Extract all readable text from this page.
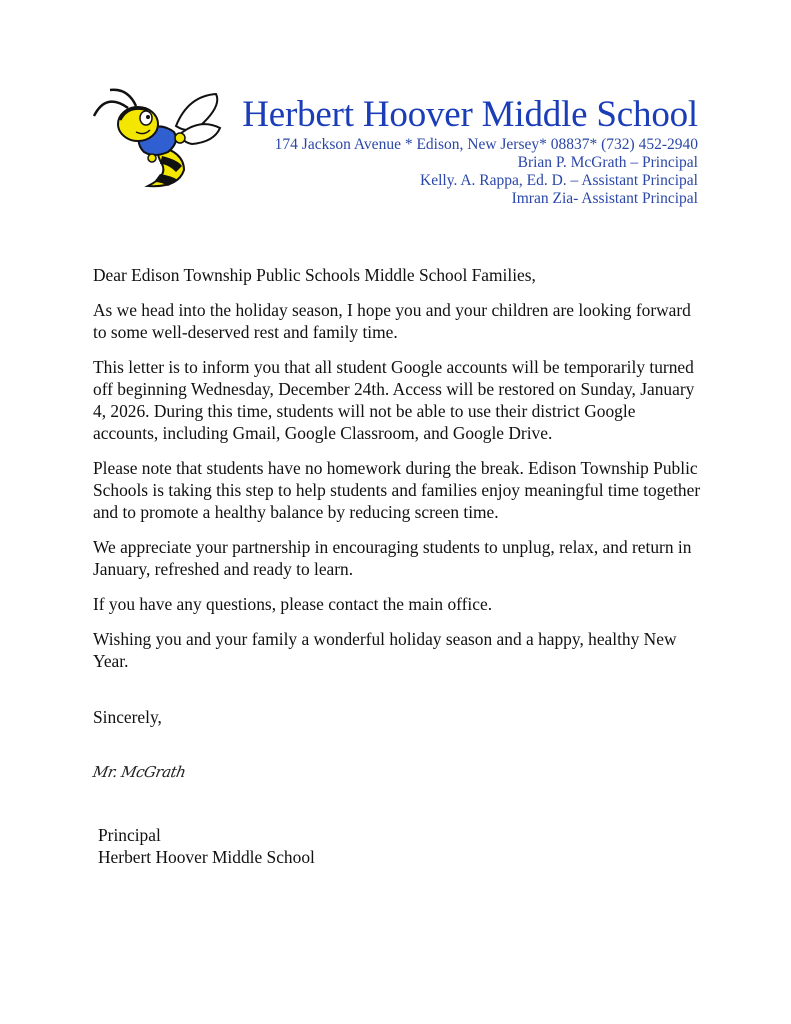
Herbert Hoover Middle School
174 Jackson Avenue * Edison, New Jersey* 08837* (732) 452-2940
Brian P. McGrath – Principal
Kelly. A. Rappa, Ed. D. – Assistant Principal
Imran Zia- Assistant Principal

Dear Edison Township Public Schools Middle School Families,

As we head into the holiday season, I hope you and your children are looking forward to some well-deserved rest and family time.

This letter is to inform you that all student Google accounts will be temporarily turned off beginning Wednesday, December 24th. Access will be restored on Sunday, January 4, 2026. During this time, students will not be able to use their district Google accounts, including Gmail, Google Classroom, and Google Drive.

Please note that students have no homework during the break. Edison Township Public Schools is taking this step to help students and families enjoy meaningful time together and to promote a healthy balance by reducing screen time.

We appreciate your partnership in encouraging students to unplug, relax, and return in January, refreshed and ready to learn.

If you have any questions, please contact the main office.

Wishing you and your family a wonderful holiday season and a happy, healthy New Year.

Sincerely,
Mr. McGrath
Principal
Herbert Hoover Middle School
